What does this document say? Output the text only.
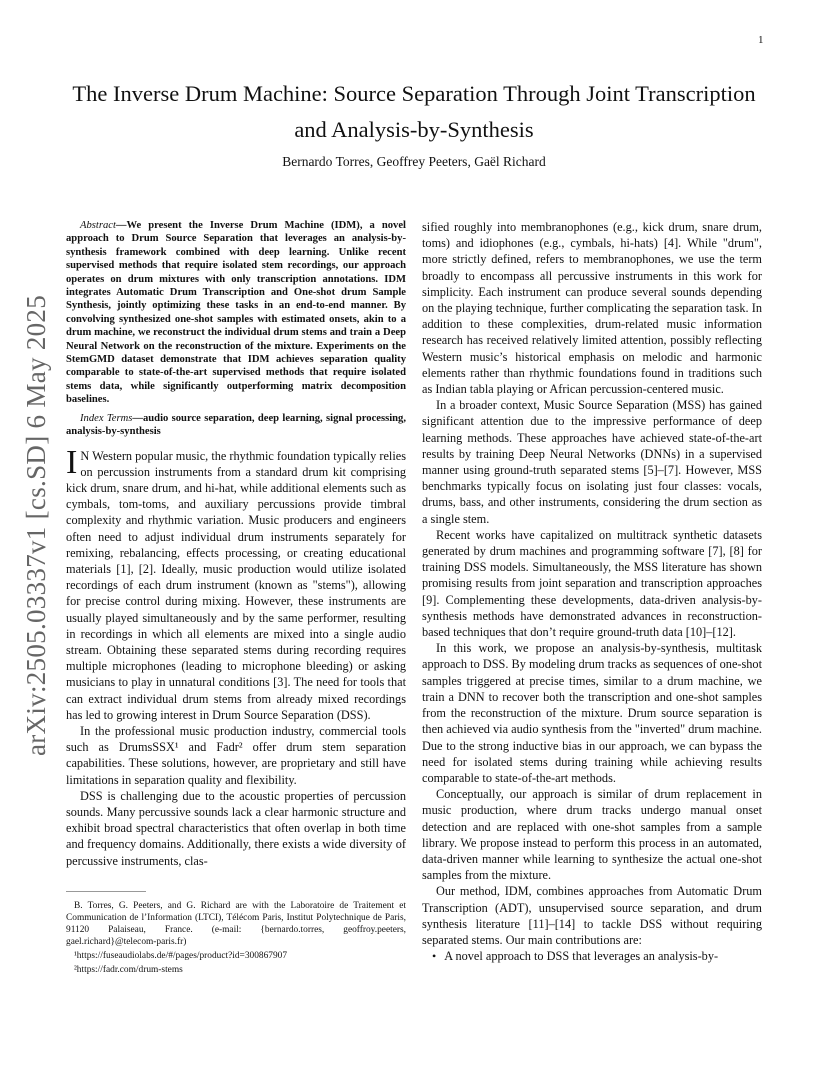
1
arXiv:2505.03337v1 [cs.SD] 6 May 2025
The Inverse Drum Machine: Source Separation Through Joint Transcription and Analysis-by-Synthesis
Bernardo Torres, Geoffrey Peeters, Gaël Richard

Abstract—We present the Inverse Drum Machine (IDM), a novel approach to Drum Source Separation that leverages an analysis-by-synthesis framework combined with deep learning. Unlike recent supervised methods that require isolated stem recordings, our approach operates on drum mixtures with only transcription annotations. IDM integrates Automatic Drum Transcription and One-shot drum Sample Synthesis, jointly optimizing these tasks in an end-to-end manner. By convolving synthesized one-shot samples with estimated onsets, akin to a drum machine, we reconstruct the individual drum stems and train a Deep Neural Network on the reconstruction of the mixture. Experiments on the StemGMD dataset demonstrate that IDM achieves separation quality comparable to state-of-the-art supervised methods that require isolated stems data, while significantly outperforming matrix decomposition baselines.

Index Terms—audio source separation, deep learning, signal processing, analysis-by-synthesis

I N Western popular music, the rhythmic foundation typically relies on percussion instruments from a standard drum kit comprising kick drum, snare drum, and hi-hat, while additional elements such as cymbals, tom-toms, and auxiliary percussions provide timbral complexity and rhythmic variation. Music producers and engineers often need to adjust individual drum instruments separately for remixing, rebalancing, effects processing, or creating educational materials [1], [2]. Ideally, music production would utilize isolated recordings of each drum instrument (known as "stems"), allowing for precise control during mixing. However, these instruments are usually played simultaneously and by the same performer, resulting in recordings in which all elements are mixed into a single audio stream. Obtaining these separated stems during recording requires multiple microphones (leading to microphone bleeding) or asking musicians to play in unnatural conditions [3]. The need for tools that can extract individual drum stems from already mixed recordings has led to growing interest in Drum Source Separation (DSS).

In the professional music production industry, commercial tools such as DrumsSSX¹ and Fadr² offer drum stem separation capabilities. These solutions, however, are proprietary and still have limitations in separation quality and flexibility.

DSS is challenging due to the acoustic properties of percussion sounds. Many percussive sounds lack a clear harmonic structure and exhibit broad spectral characteristics that often overlap in both time and frequency domains. Additionally, there exists a wide diversity of percussive instruments, clas-

B. Torres, G. Peeters, and G. Richard are with the Laboratoire de Traitement et Communication de l’Information (LTCI), Télécom Paris, Institut Polytechnique de Paris, 91120 Palaiseau, France. (e-mail: {bernardo.torres, geoffroy.peeters, gael.richard}@telecom-paris.fr)

¹https://fuseaudiolabs.de/#/pages/product?id=300867907

²https://fadr.com/drum-stems

sified roughly into membranophones (e.g., kick drum, snare drum, toms) and idiophones (e.g., cymbals, hi-hats) [4]. While "drum", more strictly defined, refers to membranophones, we use the term broadly to encompass all percussive instruments in this work for simplicity. Each instrument can produce several sounds depending on the playing technique, further complicating the separation task. In addition to these complexities, drum-related music information research has received relatively limited attention, possibly reflecting Western music’s historical emphasis on melodic and harmonic elements rather than rhythmic foundations found in traditions such as Indian tabla playing or African percussion-centered music.

In a broader context, Music Source Separation (MSS) has gained significant attention due to the impressive performance of deep learning methods. These approaches have achieved state-of-the-art results by training Deep Neural Networks (DNNs) in a supervised manner using ground-truth separated stems [5]–[7]. However, MSS benchmarks typically focus on isolating just four classes: vocals, drums, bass, and other instruments, considering the drum section as a single stem.

Recent works have capitalized on multitrack synthetic datasets generated by drum machines and programming software [7], [8] for training DSS models. Simultaneously, the MSS literature has shown promising results from joint separation and transcription approaches [9]. Complementing these developments, data-driven analysis-by-synthesis methods have demonstrated advances in reconstruction-based techniques that don’t require ground-truth data [10]–[12].

In this work, we propose an analysis-by-synthesis, multitask approach to DSS. By modeling drum tracks as sequences of one-shot samples triggered at precise times, similar to a drum machine, we train a DNN to recover both the transcription and one-shot samples from the reconstruction of the mixture. Drum source separation is then achieved via audio synthesis from the "inverted" drum machine. Due to the strong inductive bias in our approach, we can bypass the need for isolated stems during training while achieving results comparable to state-of-the-art methods.

Conceptually, our approach is similar of drum replacement in music production, where drum tracks undergo manual onset detection and are replaced with one-shot samples from a sample library. We propose instead to perform this process in an automated, data-driven manner while learning to synthesize the actual one-shot samples from the mixture.

Our method, IDM, combines approaches from Automatic Drum Transcription (ADT), unsupervised source separation, and drum synthesis literature [11]–[14] to tackle DSS without requiring separated stems. Our main contributions are:

• A novel approach to DSS that leverages an analysis-by-
